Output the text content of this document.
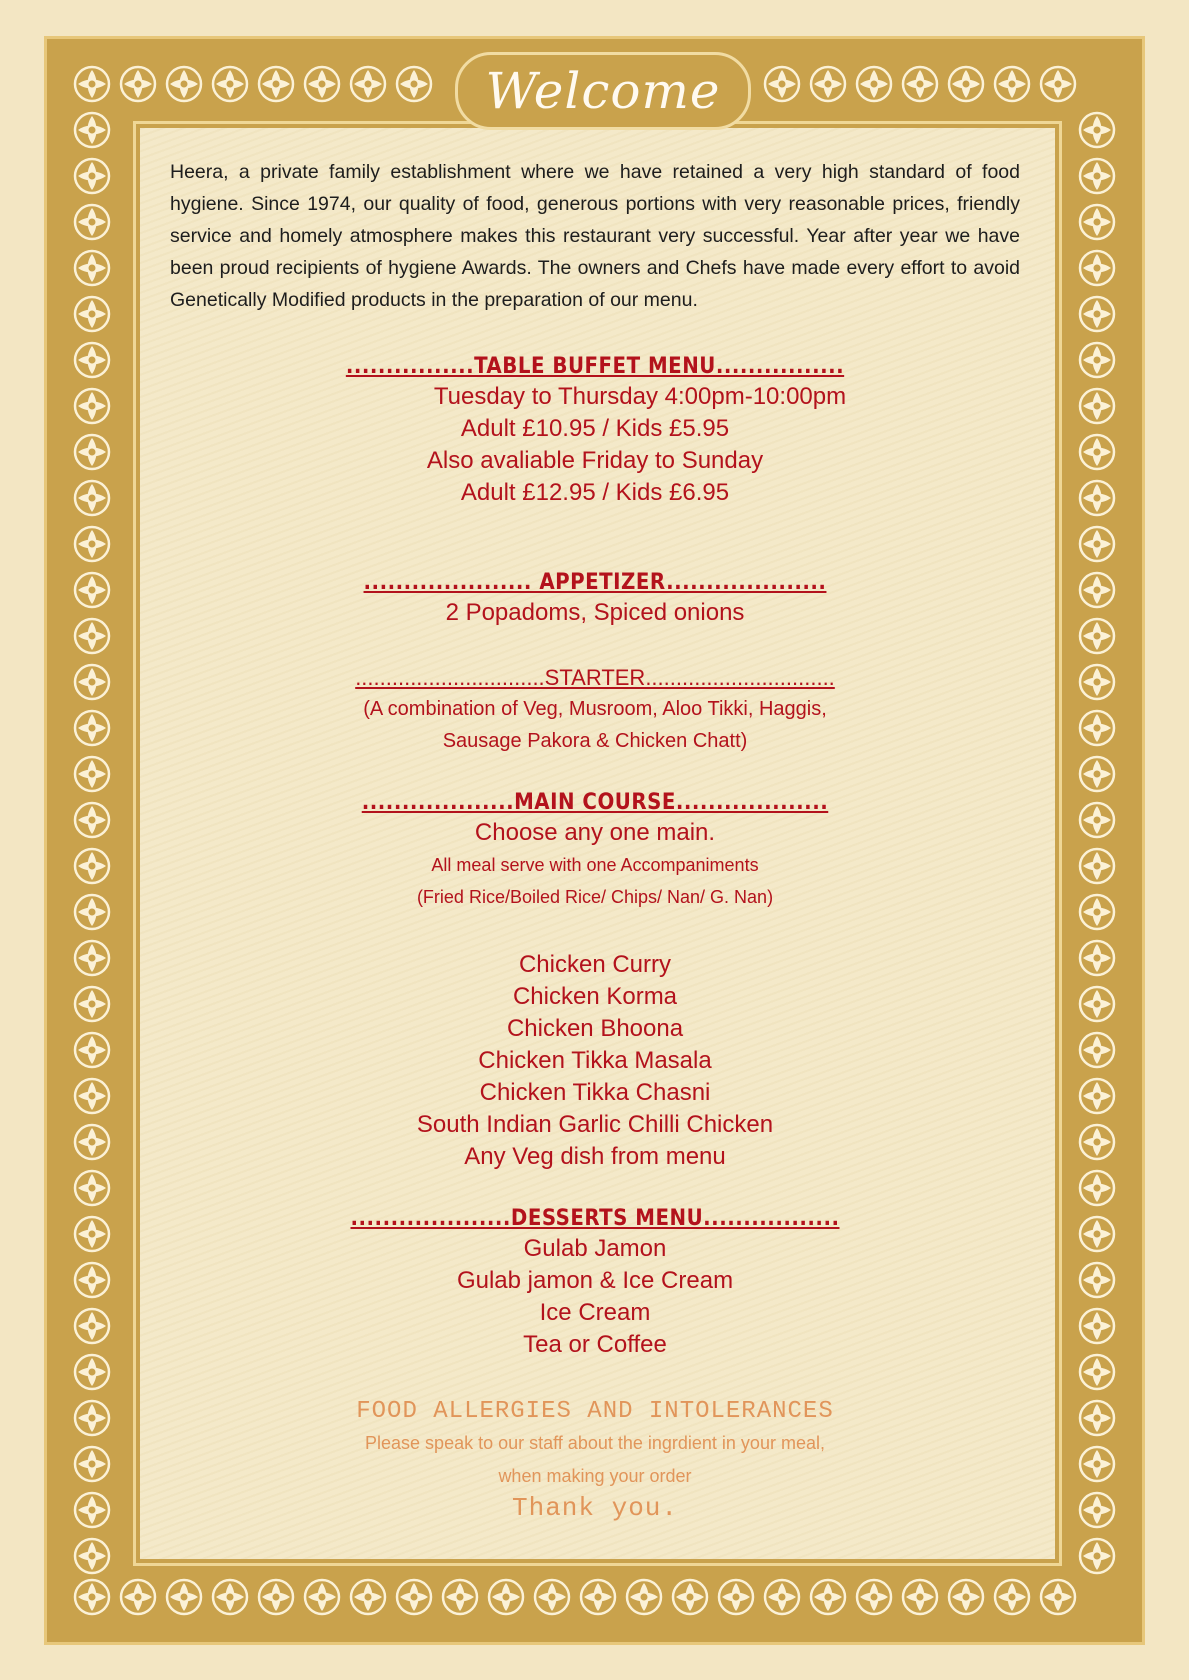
Welcome

Heera, a private family establishment where we have retained a very high standard of food hygiene. Since 1974, our quality of food, generous portions with very reasonable prices, friendly service and homely atmosphere makes this restaurant very successful. Year after year we have been proud recipients of hygiene Awards. The owners and Chefs have made every effort to avoid Genetically Modified products in the preparation of our menu.

................TABLE BUFFET MENU................

Tuesday to Thursday 4:00pm-10:00pm

Adult £10.95 / Kids £5.95

Also avaliable Friday to Sunday

Adult £12.95 / Kids £6.95

..................... APPETIZER....................

2 Popadoms, Spiced onions

...............................STARTER...............................

(A combination of Veg, Musroom, Aloo Tikki, Haggis,

Sausage Pakora & Chicken Chatt)

...................MAIN COURSE...................

Choose any one main.

All meal serve with one Accompaniments

(Fried Rice/Boiled Rice/ Chips/ Nan/ G. Nan)

Chicken Curry

Chicken Korma

Chicken Bhoona

Chicken Tikka Masala

Chicken Tikka Chasni

South Indian Garlic Chilli Chicken

Any Veg dish from menu

....................DESSERTS MENU.................

Gulab Jamon

Gulab jamon & Ice Cream

Ice Cream

Tea or Coffee

FOOD ALLERGIES AND INTOLERANCES

Please speak to our staff about the ingrdient in your meal,

when making your order

Thank you.
